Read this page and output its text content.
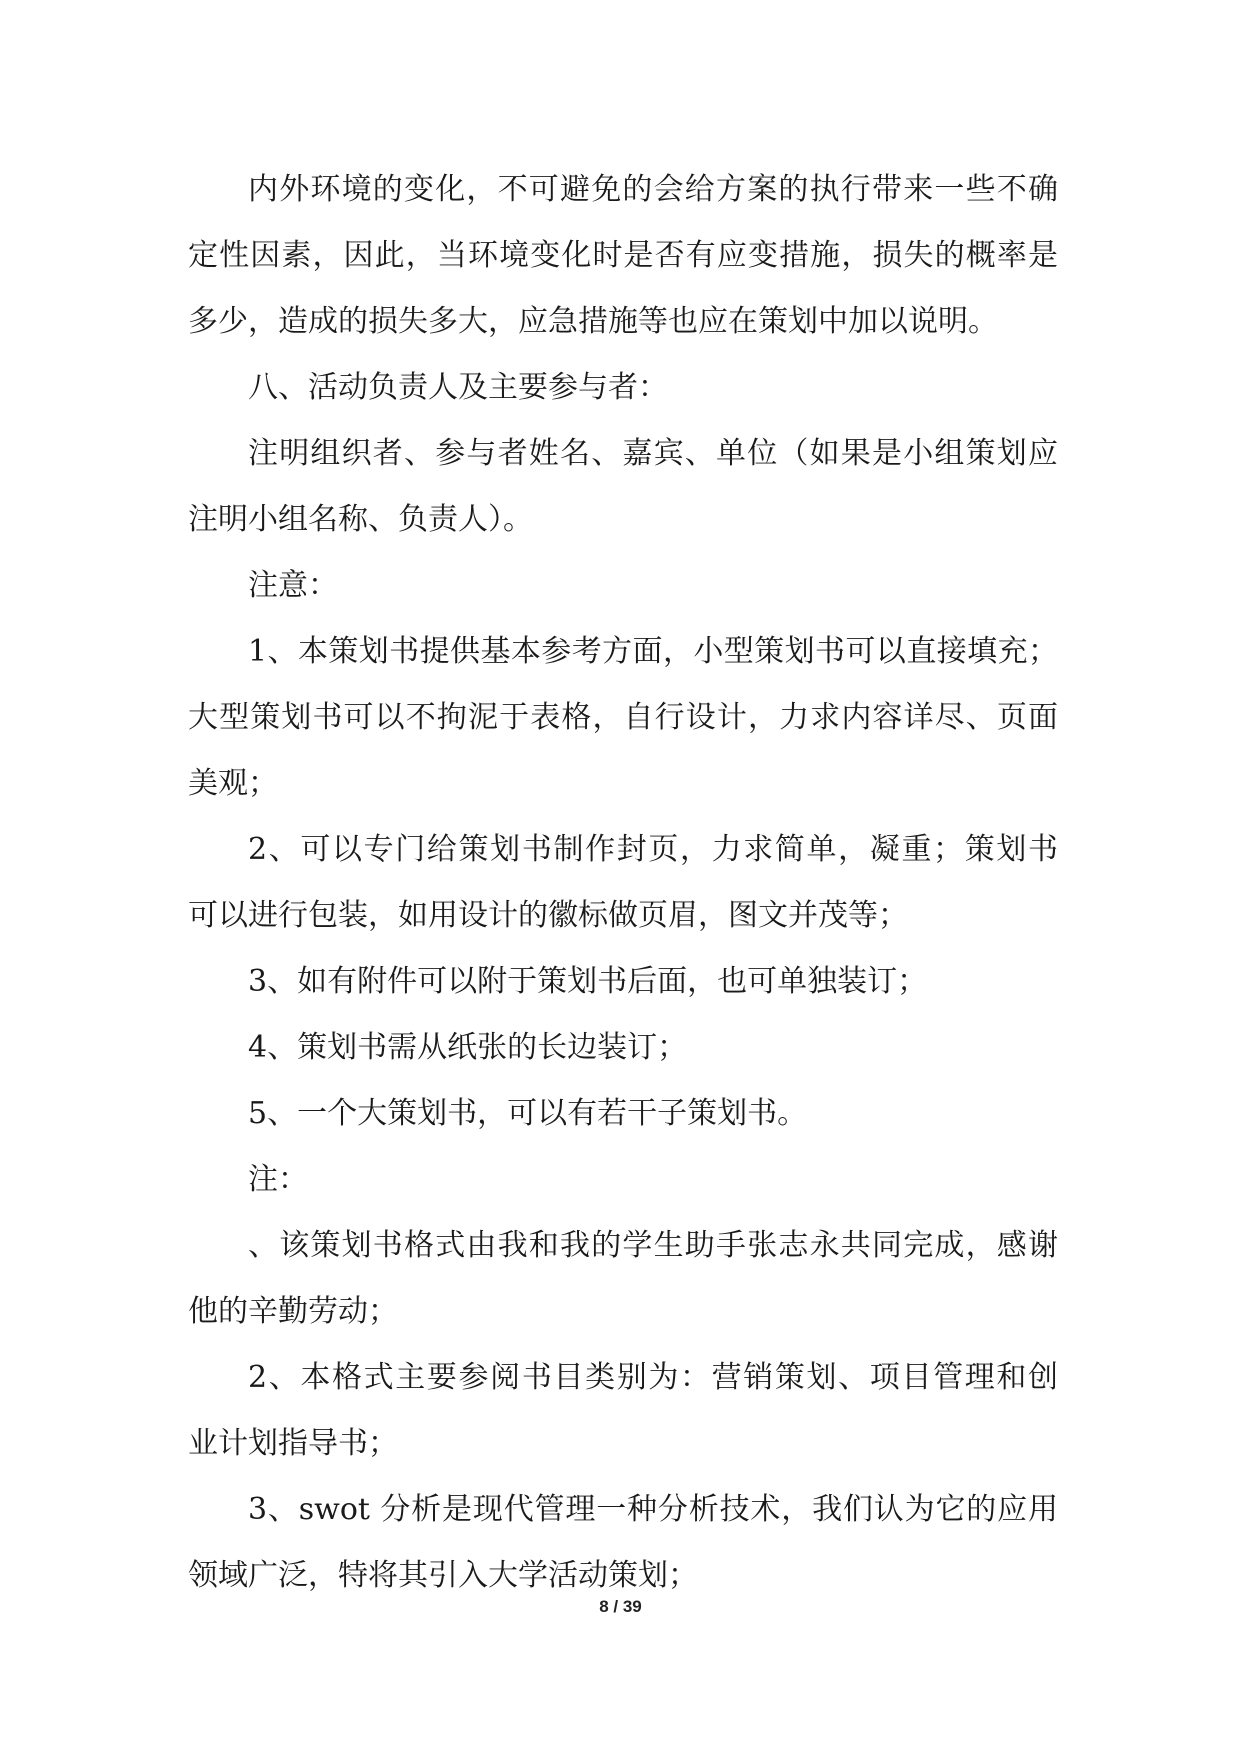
内外环境的变化，不可避免的会给方案的执行带来一些不确
定性因素，因此，当环境变化时是否有应变措施，损失的概率是
多少，造成的损失多大，应急措施等也应在策划中加以说明。
八、活动负责人及主要参与者：
注明组织者、参与者姓名、嘉宾、单位（如果是小组策划应
注明小组名称、负责人）。
注意：
1、本策划书提供基本参考方面，小型策划书可以直接填充；
大型策划书可以不拘泥于表格，自行设计，力求内容详尽、页面
美观；
2、可以专门给策划书制作封页，力求简单，凝重；策划书
可以进行包装，如用设计的徽标做页眉，图文并茂等；
3、如有附件可以附于策划书后面，也可单独装订；
4、策划书需从纸张的长边装订；
5、一个大策划书，可以有若干子策划书。
注：
、该策划书格式由我和我的学生助手张志永共同完成，感谢
他的辛勤劳动；
2、本格式主要参阅书目类别为：营销策划、项目管理和创
业计划指导书；
3、swot 分析是现代管理一种分析技术，我们认为它的应用
领域广泛，特将其引入大学活动策划；
8 / 39
